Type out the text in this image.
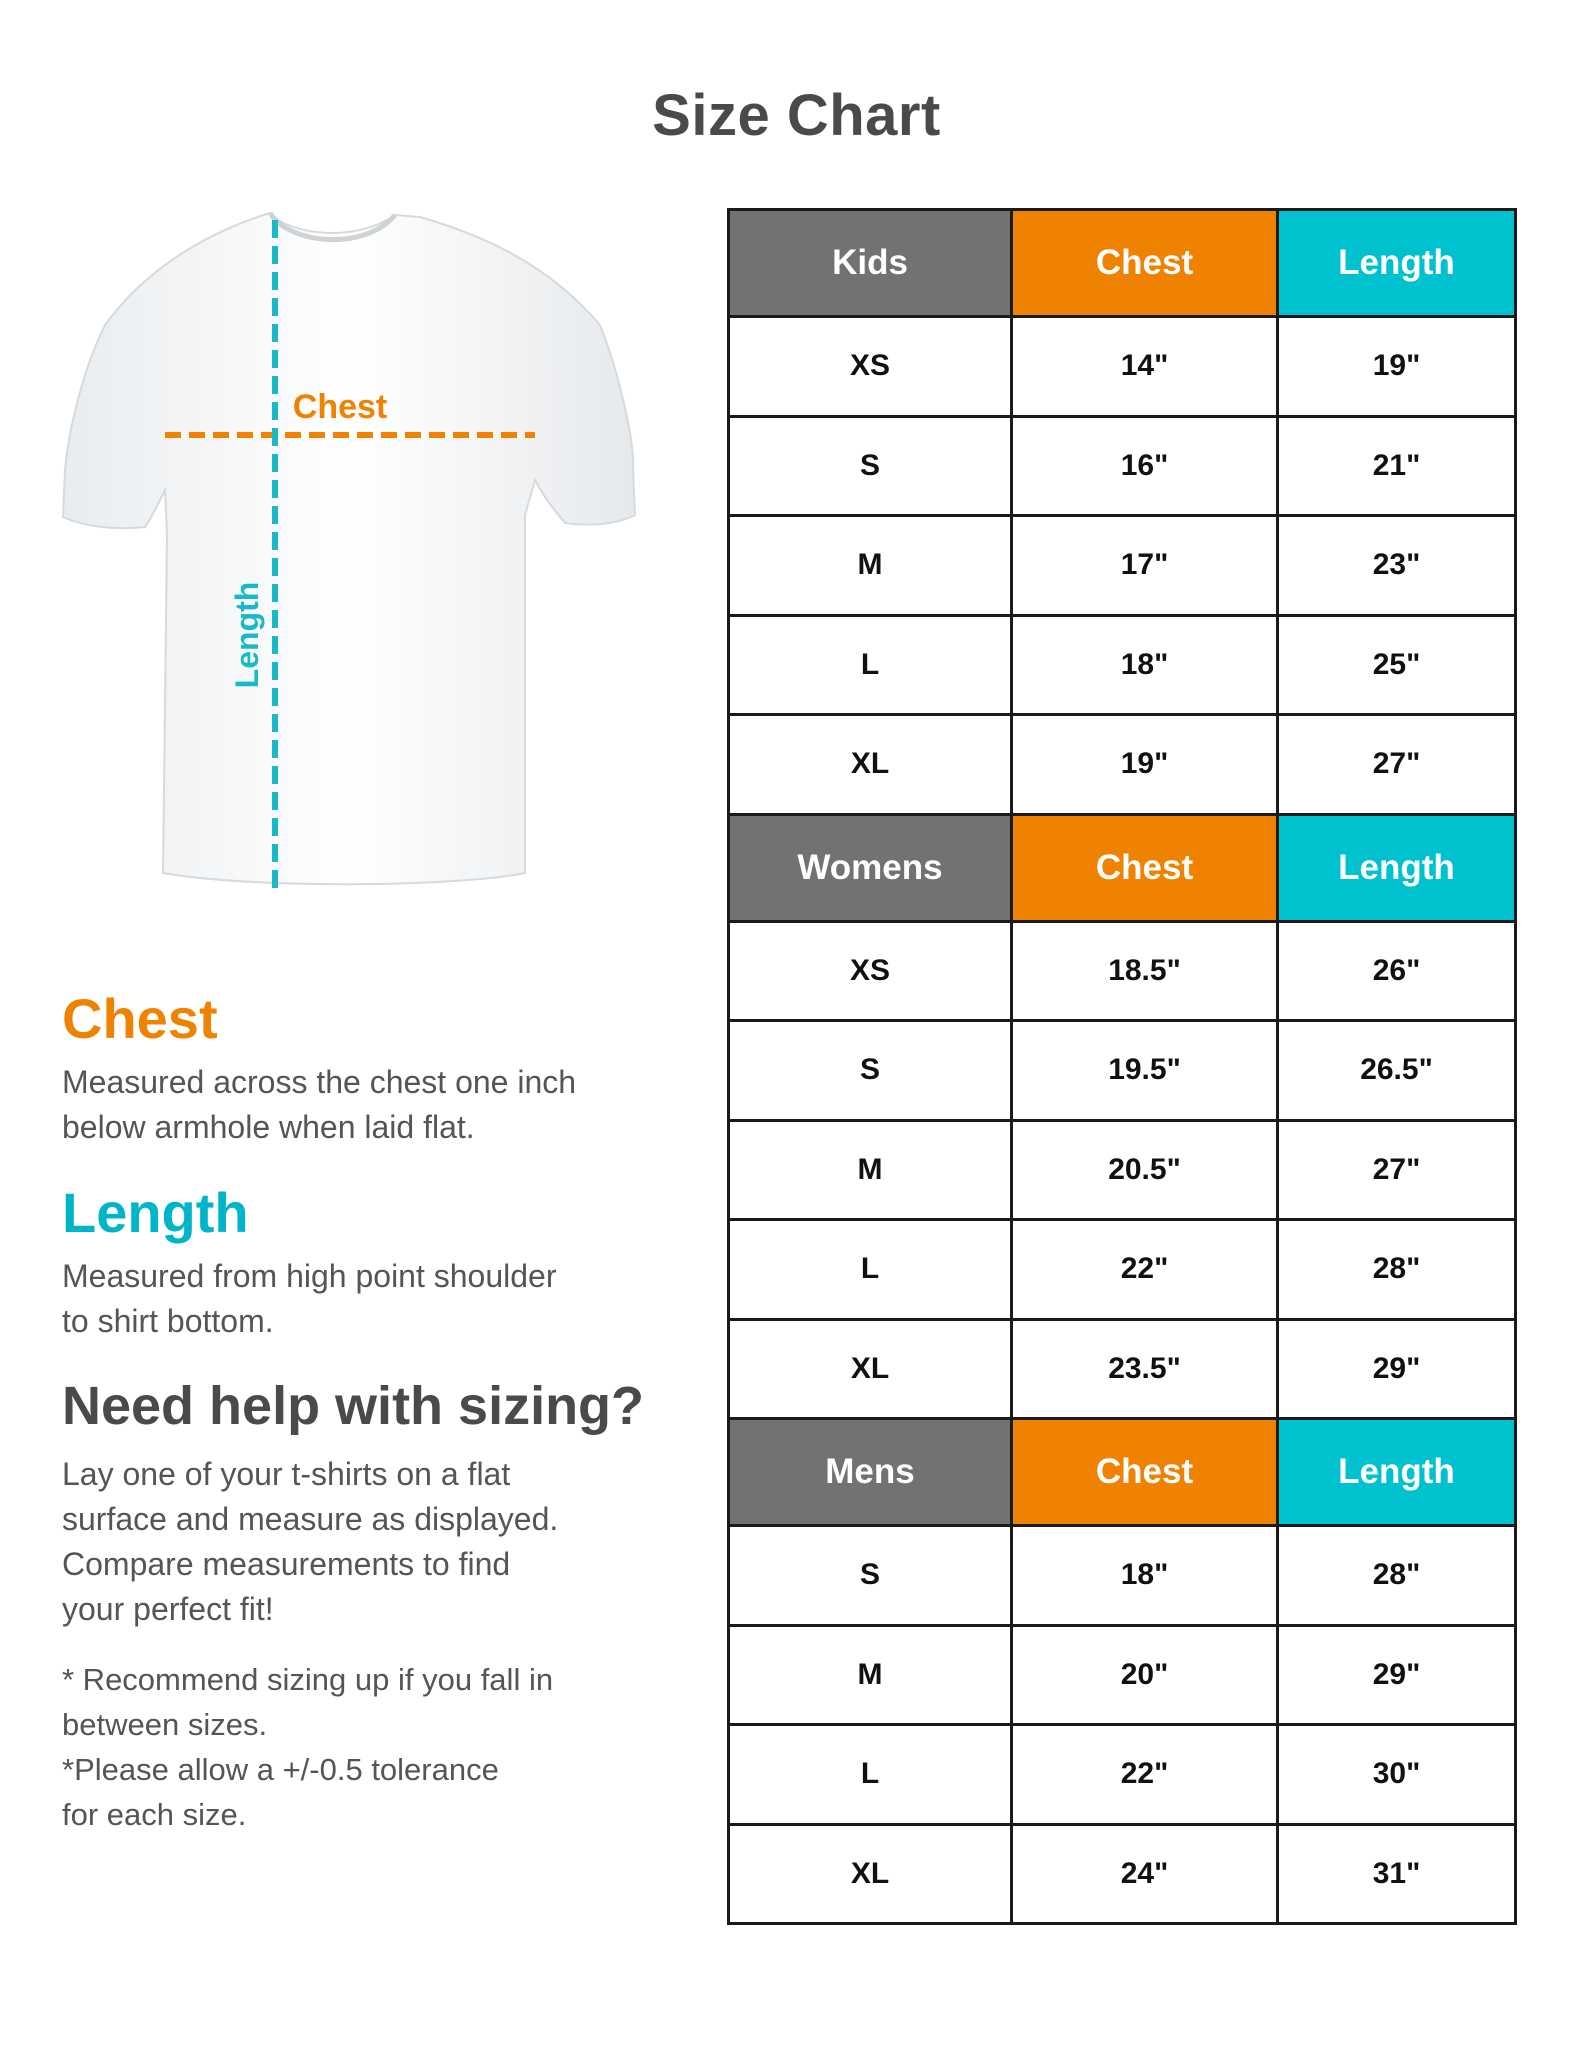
Size Chart
Chest
Length
Chest
Measured across the chest one inch
below armhole when laid flat.
Length
Measured from high point shoulder
to shirt bottom.
Need help with sizing?
Lay one of your t-shirts on a flat
surface and measure as displayed.
Compare measurements to find
your perfect fit!
* Recommend sizing up if you fall in
between sizes.
*Please allow a +/-0.5 tolerance
for each size.
Kids	Chest	Length
XS	14"	19"
S	16"	21"
M	17"	23"
L	18"	25"
XL	19"	27"
Womens	Chest	Length
XS	18.5"	26"
S	19.5"	26.5"
M	20.5"	27"
L	22"	28"
XL	23.5"	29"
Mens	Chest	Length
S	18"	28"
M	20"	29"
L	22"	30"
XL	24"	31"
